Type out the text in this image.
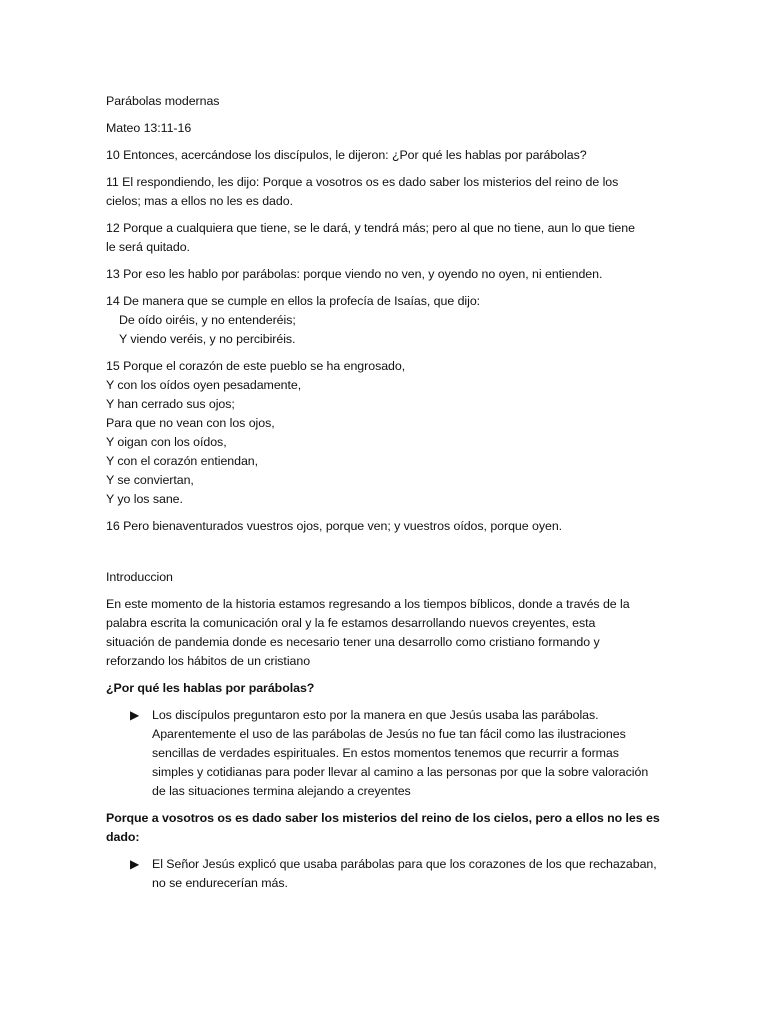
Parábolas modernas

Mateo 13:11-16

10 Entonces, acercándose los discípulos, le dijeron: ¿Por qué les hablas por parábolas?

11 El respondiendo, les dijo: Porque a vosotros os es dado saber los misterios del reino de los

cielos; mas a ellos no les es dado.

12 Porque a cualquiera que tiene, se le dará, y tendrá más; pero al que no tiene, aun lo que tiene

le será quitado.

13 Por eso les hablo por parábolas: porque viendo no ven, y oyendo no oyen, ni entienden.

14 De manera que se cumple en ellos la profecía de Isaías, que dijo:

De oído oiréis, y no entenderéis;

Y viendo veréis, y no percibiréis.

15 Porque el corazón de este pueblo se ha engrosado,

Y con los oídos oyen pesadamente,

Y han cerrado sus ojos;

Para que no vean con los ojos,

Y oigan con los oídos,

Y con el corazón entiendan,

Y se conviertan,

Y yo los sane.

16 Pero bienaventurados vuestros ojos, porque ven; y vuestros oídos, porque oyen.

Introduccion

En este momento de la historia estamos regresando a los tiempos bíblicos, donde a través de la

palabra escrita la comunicación oral y la fe estamos desarrollando nuevos creyentes, esta

situación de pandemia donde es necesario tener una desarrollo como cristiano formando y

reforzando los hábitos de un cristiano

¿Por qué les hablas por parábolas?

▶ Los discípulos preguntaron esto por la manera en que Jesús usaba las parábolas.

Aparentemente el uso de las parábolas de Jesús no fue tan fácil como las ilustraciones

sencillas de verdades espirituales. En estos momentos tenemos que recurrir a formas

simples y cotidianas para poder llevar al camino a las personas por que la sobre valoración

de las situaciones termina alejando a creyentes

Porque a vosotros os es dado saber los misterios del reino de los cielos, pero a ellos no les es

dado:

▶ El Señor Jesús explicó que usaba parábolas para que los corazones de los que rechazaban,

no se endurecerían más.
